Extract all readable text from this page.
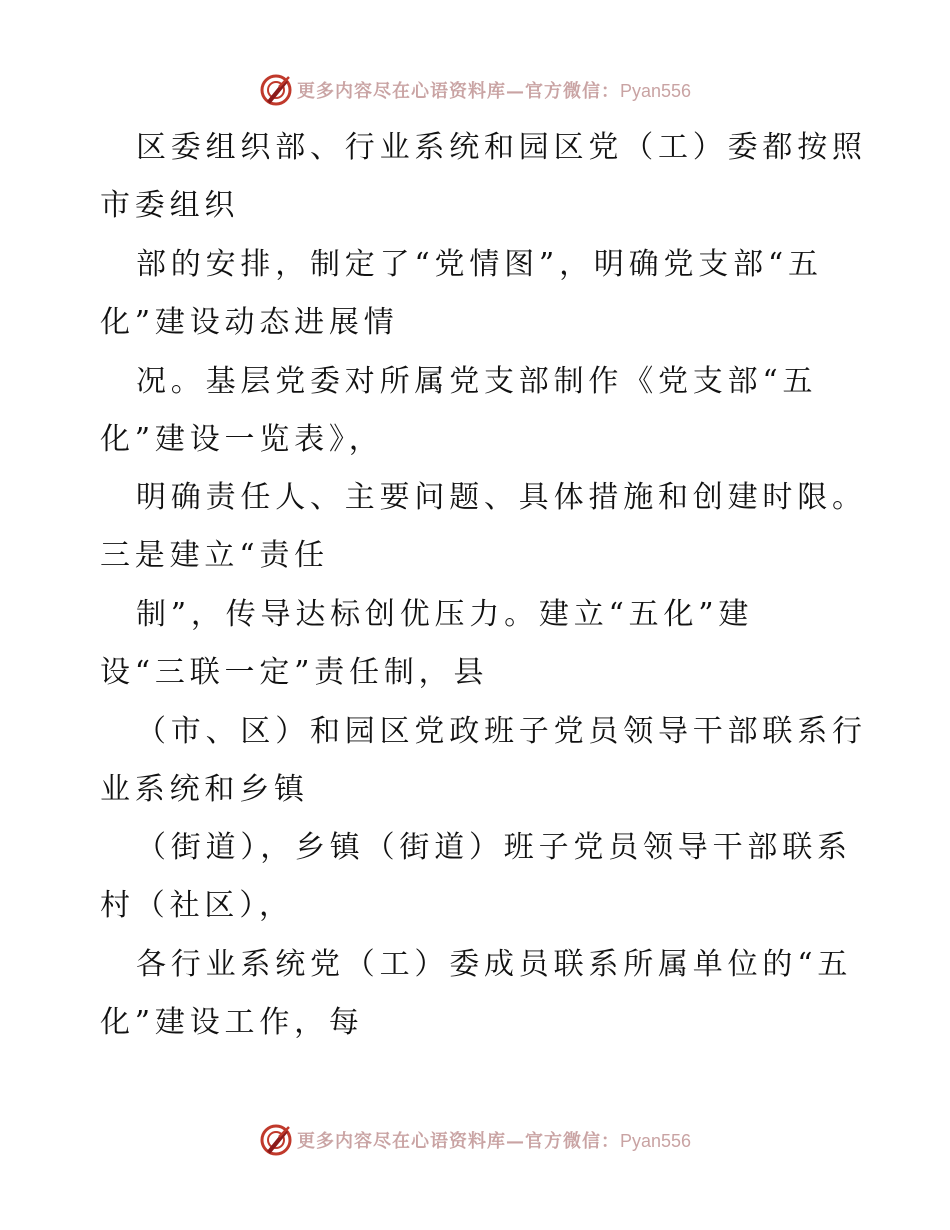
更多内容尽在心语资料库—官方微信：Pyan556
区委组织部、行业系统和园区党（工）委都按照
市委组织
部的安排，制定了“党情图”，明确党支部“五
化”建设动态进展情
况。基层党委对所属党支部制作《党支部“五
化”建设一览表》，
明确责任人、主要问题、具体措施和创建时限。
三是建立“责任
制”，传导达标创优压力。建立“五化”建
设“三联一定”责任制，县
（市、区）和园区党政班子党员领导干部联系行
业系统和乡镇
（街道），乡镇（街道）班子党员领导干部联系
村（社区），
各行业系统党（工）委成员联系所属单位的“五
化”建设工作，每
更多内容尽在心语资料库—官方微信：Pyan556
